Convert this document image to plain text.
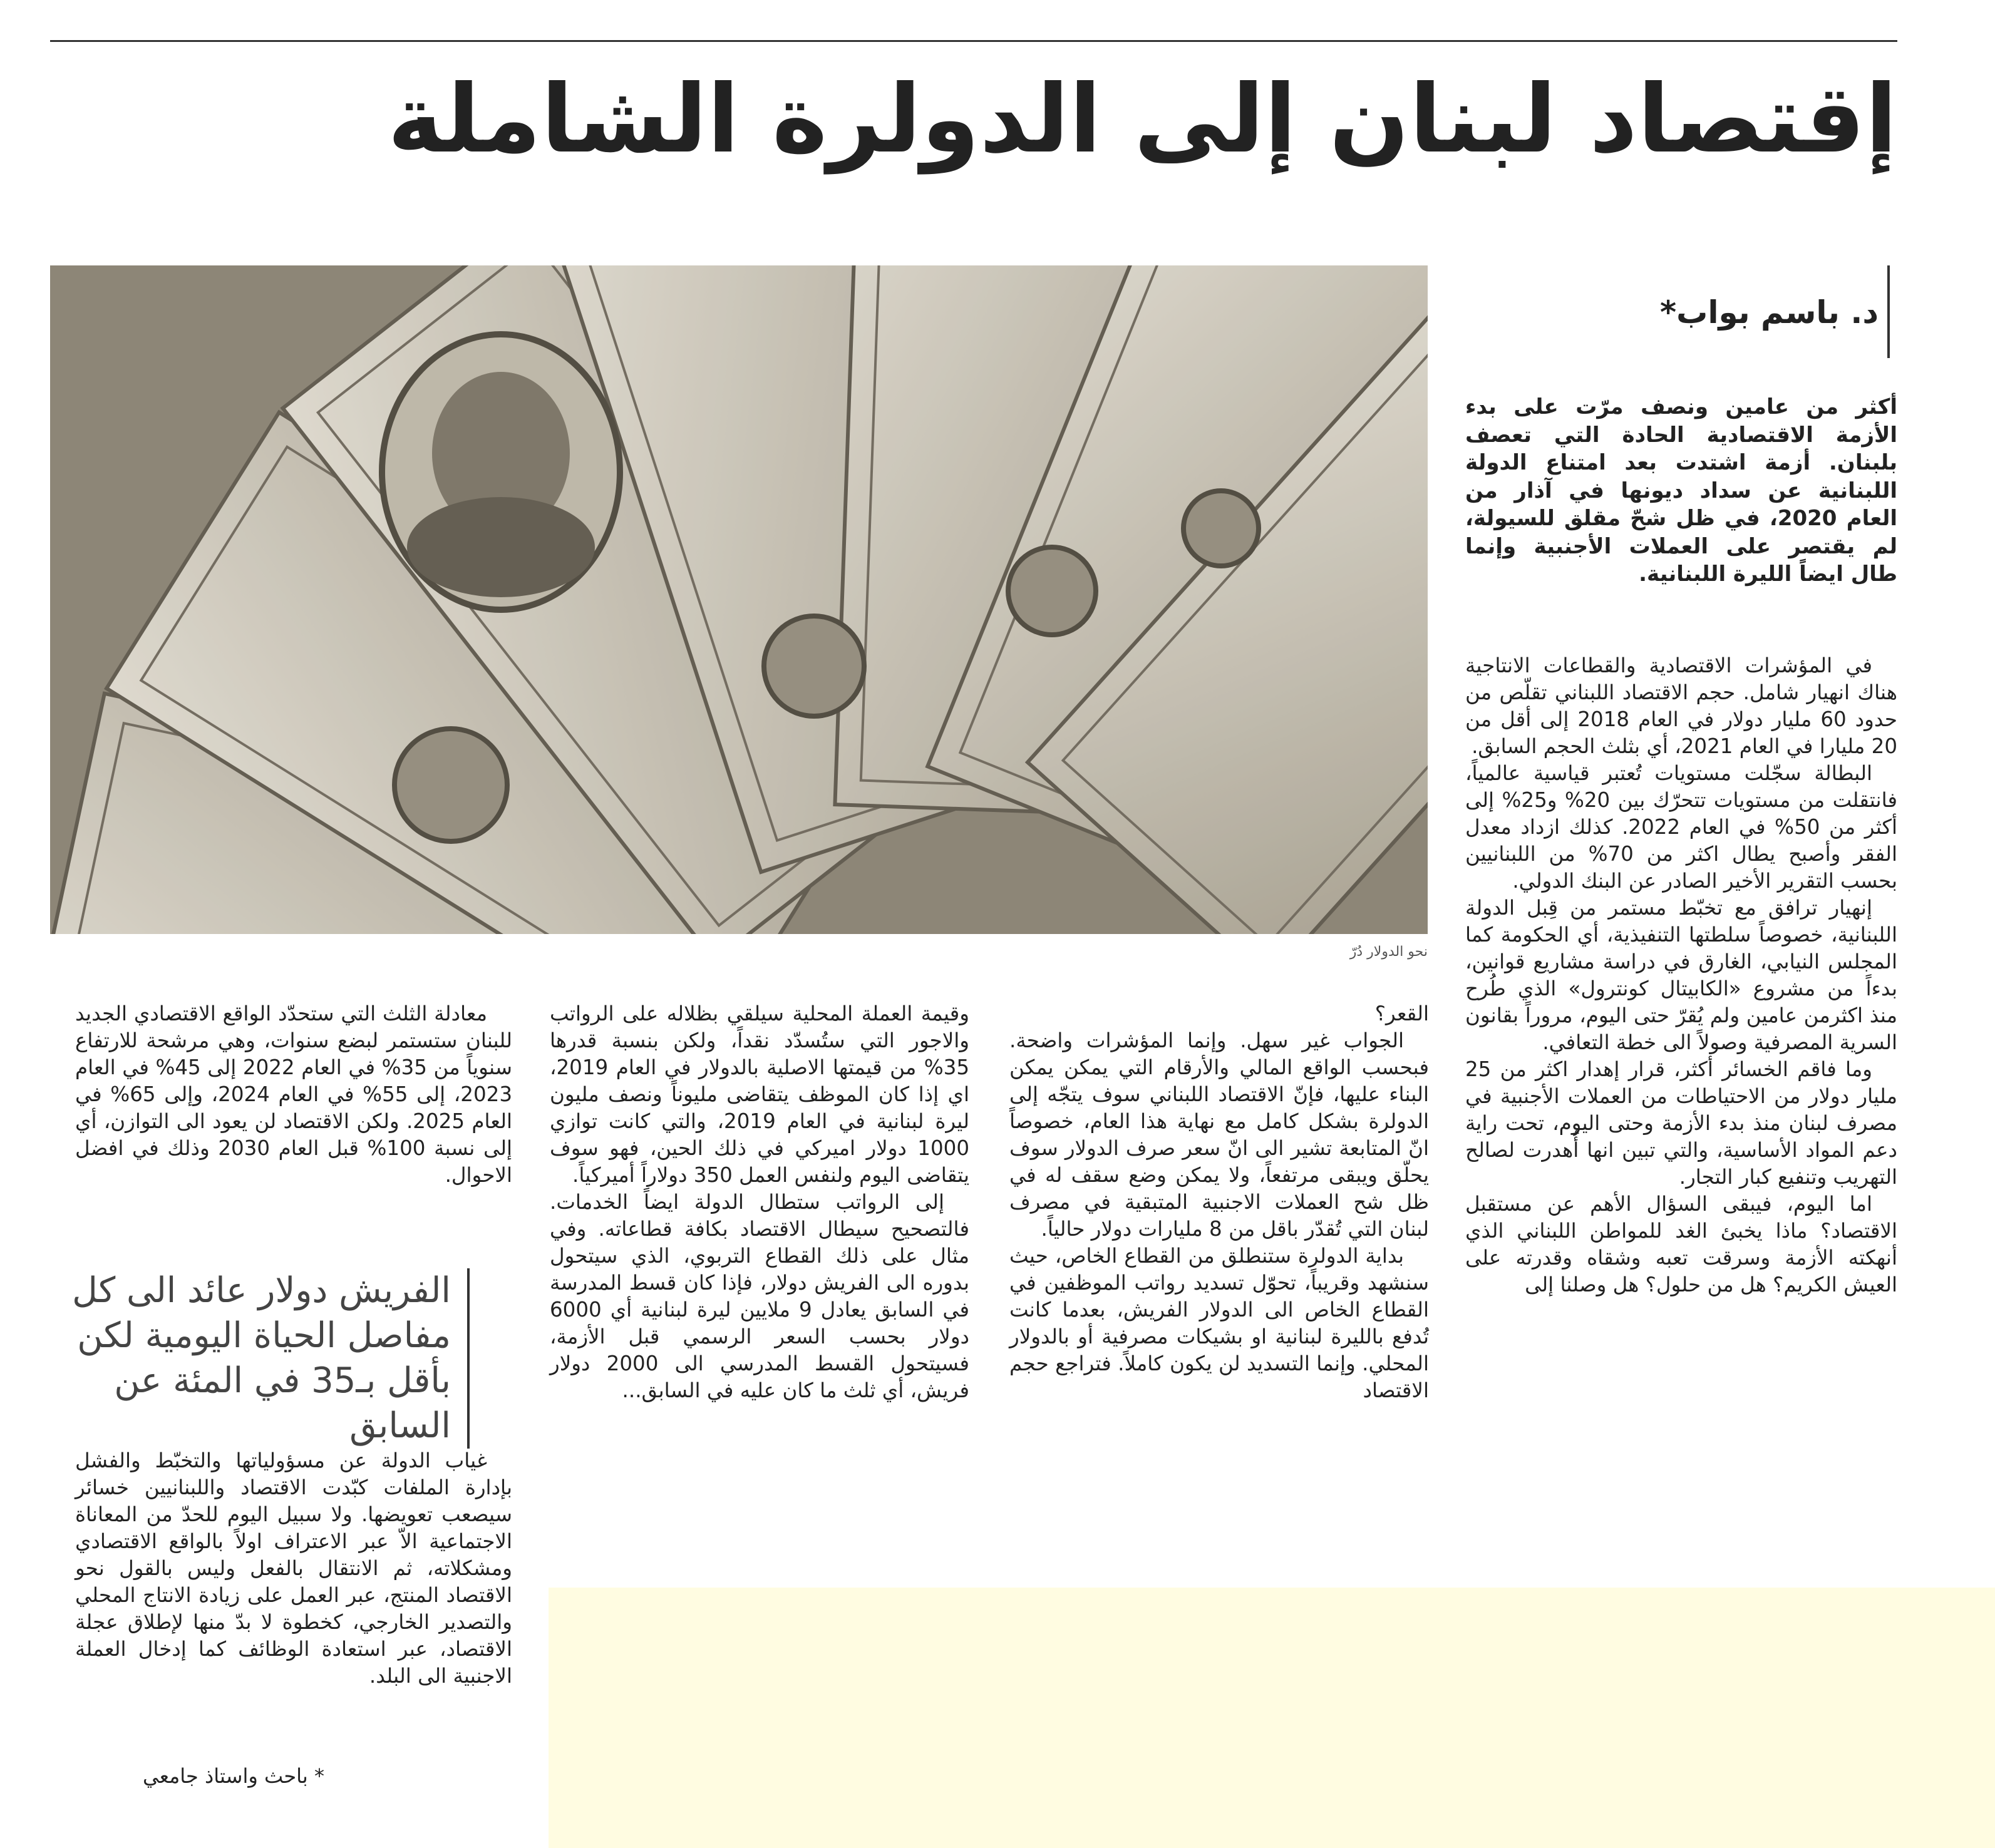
إقتصاد لبنان إلى الدولرة الشاملة
نحو الدولار دُرّ
د. باسم بواب*

أكثر من عامين ونصف مرّت على بدء الأزمة الاقتصادية الحادة التي تعصف بلبنان. أزمة اشتدت بعد امتناع الدولة اللبنانية عن سداد ديونها في آذار من العام 2020، في ظل شحّ مقلق للسيولة، لم يقتصر على العملات الأجنبية وإنما طال ايضاً الليرة اللبنانية.

في المؤشرات الاقتصادية والقطاعات الانتاجية هناك انهيار شامل. حجم الاقتصاد اللبناني تقلّص من حدود 60 مليار دولار في العام 2018 إلى أقل من 20 مليارا في العام 2021، أي بثلث الحجم السابق.

البطالة سجّلت مستويات تُعتبر قياسية عالمياً، فانتقلت من مستويات تتحرّك بين 20% و25% إلى أكثر من 50% في العام 2022. كذلك ازداد معدل الفقر وأصبح يطال اكثر من 70% من اللبنانيين بحسب التقرير الأخير الصادر عن البنك الدولي.

إنهيار ترافق مع تخبّط مستمر من قِبل الدولة اللبنانية، خصوصاً سلطتها التنفيذية، أي الحكومة كما المجلس النيابي، الغارق في دراسة مشاريع قوانين، بدءاً من مشروع «الكابيتال كونترول» الذي طُرح منذ اكثرمن عامين ولم يُقرّ حتى اليوم، مروراً بقانون السرية المصرفية وصولاً الى خطة التعافي.

وما فاقم الخسائر أكثر، قرار إهدار اكثر من 25 مليار دولار من الاحتياطات من العملات الأجنبية في مصرف لبنان منذ بدء الأزمة وحتى اليوم، تحت راية دعم المواد الأساسية، والتي تبين انها أُهدرت لصالح التهريب وتنفيع كبار التجار.

اما اليوم، فيبقى السؤال الأهم عن مستقبل الاقتصاد؟ ماذا يخبئ الغد للمواطن اللبناني الذي أنهكته الأزمة وسرقت تعبه وشقاه وقدرته على العيش الكريم؟ هل من حلول؟ هل وصلنا إلى

القعر؟

الجواب غير سهل. وإنما المؤشرات واضحة. فبحسب الواقع المالي والأرقام التي يمكن يمكن البناء عليها، فإنّ الاقتصاد اللبناني سوف يتجّه إلى الدولرة بشكل كامل مع نهاية هذا العام، خصوصاً انّ المتابعة تشير الى انّ سعر صرف الدولار سوف يحلّق ويبقى مرتفعاً، ولا يمكن وضع سقف له في ظل شح العملات الاجنبية المتبقية في مصرف لبنان التي تُقدّر باقل من 8 مليارات دولار حالياً.

بداية الدولرة ستنطلق من القطاع الخاص، حيث سنشهد وقريباً، تحوّل تسديد رواتب الموظفين في القطاع الخاص الى الدولار الفريش، بعدما كانت تُدفع بالليرة لبنانية او بشيكات مصرفية أو بالدولار المحلي. وإنما التسديد لن يكون كاملاً. فتراجع حجم الاقتصاد

وقيمة العملة المحلية سيلقي بظلاله على الرواتب والاجور التي ستُسدّد نقداً، ولكن بنسبة قدرها 35% من قيمتها الاصلية بالدولار في العام 2019، اي إذا كان الموظف يتقاضى مليوناً ونصف مليون ليرة لبنانية في العام 2019، والتي كانت توازي 1000 دولار اميركي في ذلك الحين، فهو سوف يتقاضى اليوم ولنفس العمل 350 دولاراً أميركياً.

إلى الرواتب ستطال الدولة ايضاً الخدمات. فالتصحيح سيطال الاقتصاد بكافة قطاعاته. وفي مثال على ذلك القطاع التربوي، الذي سيتحول بدوره الى الفريش دولار، فإذا كان قسط المدرسة في السابق يعادل 9 ملايين ليرة لبنانية أي 6000 دولار بحسب السعر الرسمي قبل الأزمة، فسيتحول القسط المدرسي الى 2000 دولار فريش، أي ثلث ما كان عليه في السابق...

معادلة الثلث التي ستحدّد الواقع الاقتصادي الجديد للبنان ستستمر لبضع سنوات، وهي مرشحة للارتفاع سنوياً من 35% في العام 2022 إلى 45% في العام 2023، إلى 55% في العام 2024، وإلى 65% في العام 2025. ولكن الاقتصاد لن يعود الى التوازن، أي إلى نسبة 100% قبل العام 2030 وذلك في افضل الاحوال.

الفريش دولار عائد الى كل مفاصل الحياة اليومية لكن بأقل بـ35 في المئة عن السابق

غياب الدولة عن مسؤولياتها والتخبّط والفشل بإدارة الملفات كبّدت الاقتصاد واللبنانيين خسائر سيصعب تعويضها. ولا سبيل اليوم للحدّ من المعاناة الاجتماعية الاّ عبر الاعتراف اولاً بالواقع الاقتصادي ومشكلاته، ثم الانتقال بالفعل وليس بالقول نحو الاقتصاد المنتج، عبر العمل على زيادة الانتاج المحلي والتصدير الخارجي، كخطوة لا بدّ منها لإطلاق عجلة الاقتصاد، عبر استعادة الوظائف كما إدخال العملة الاجنبية الى البلد.

* باحث واستاذ جامعي
